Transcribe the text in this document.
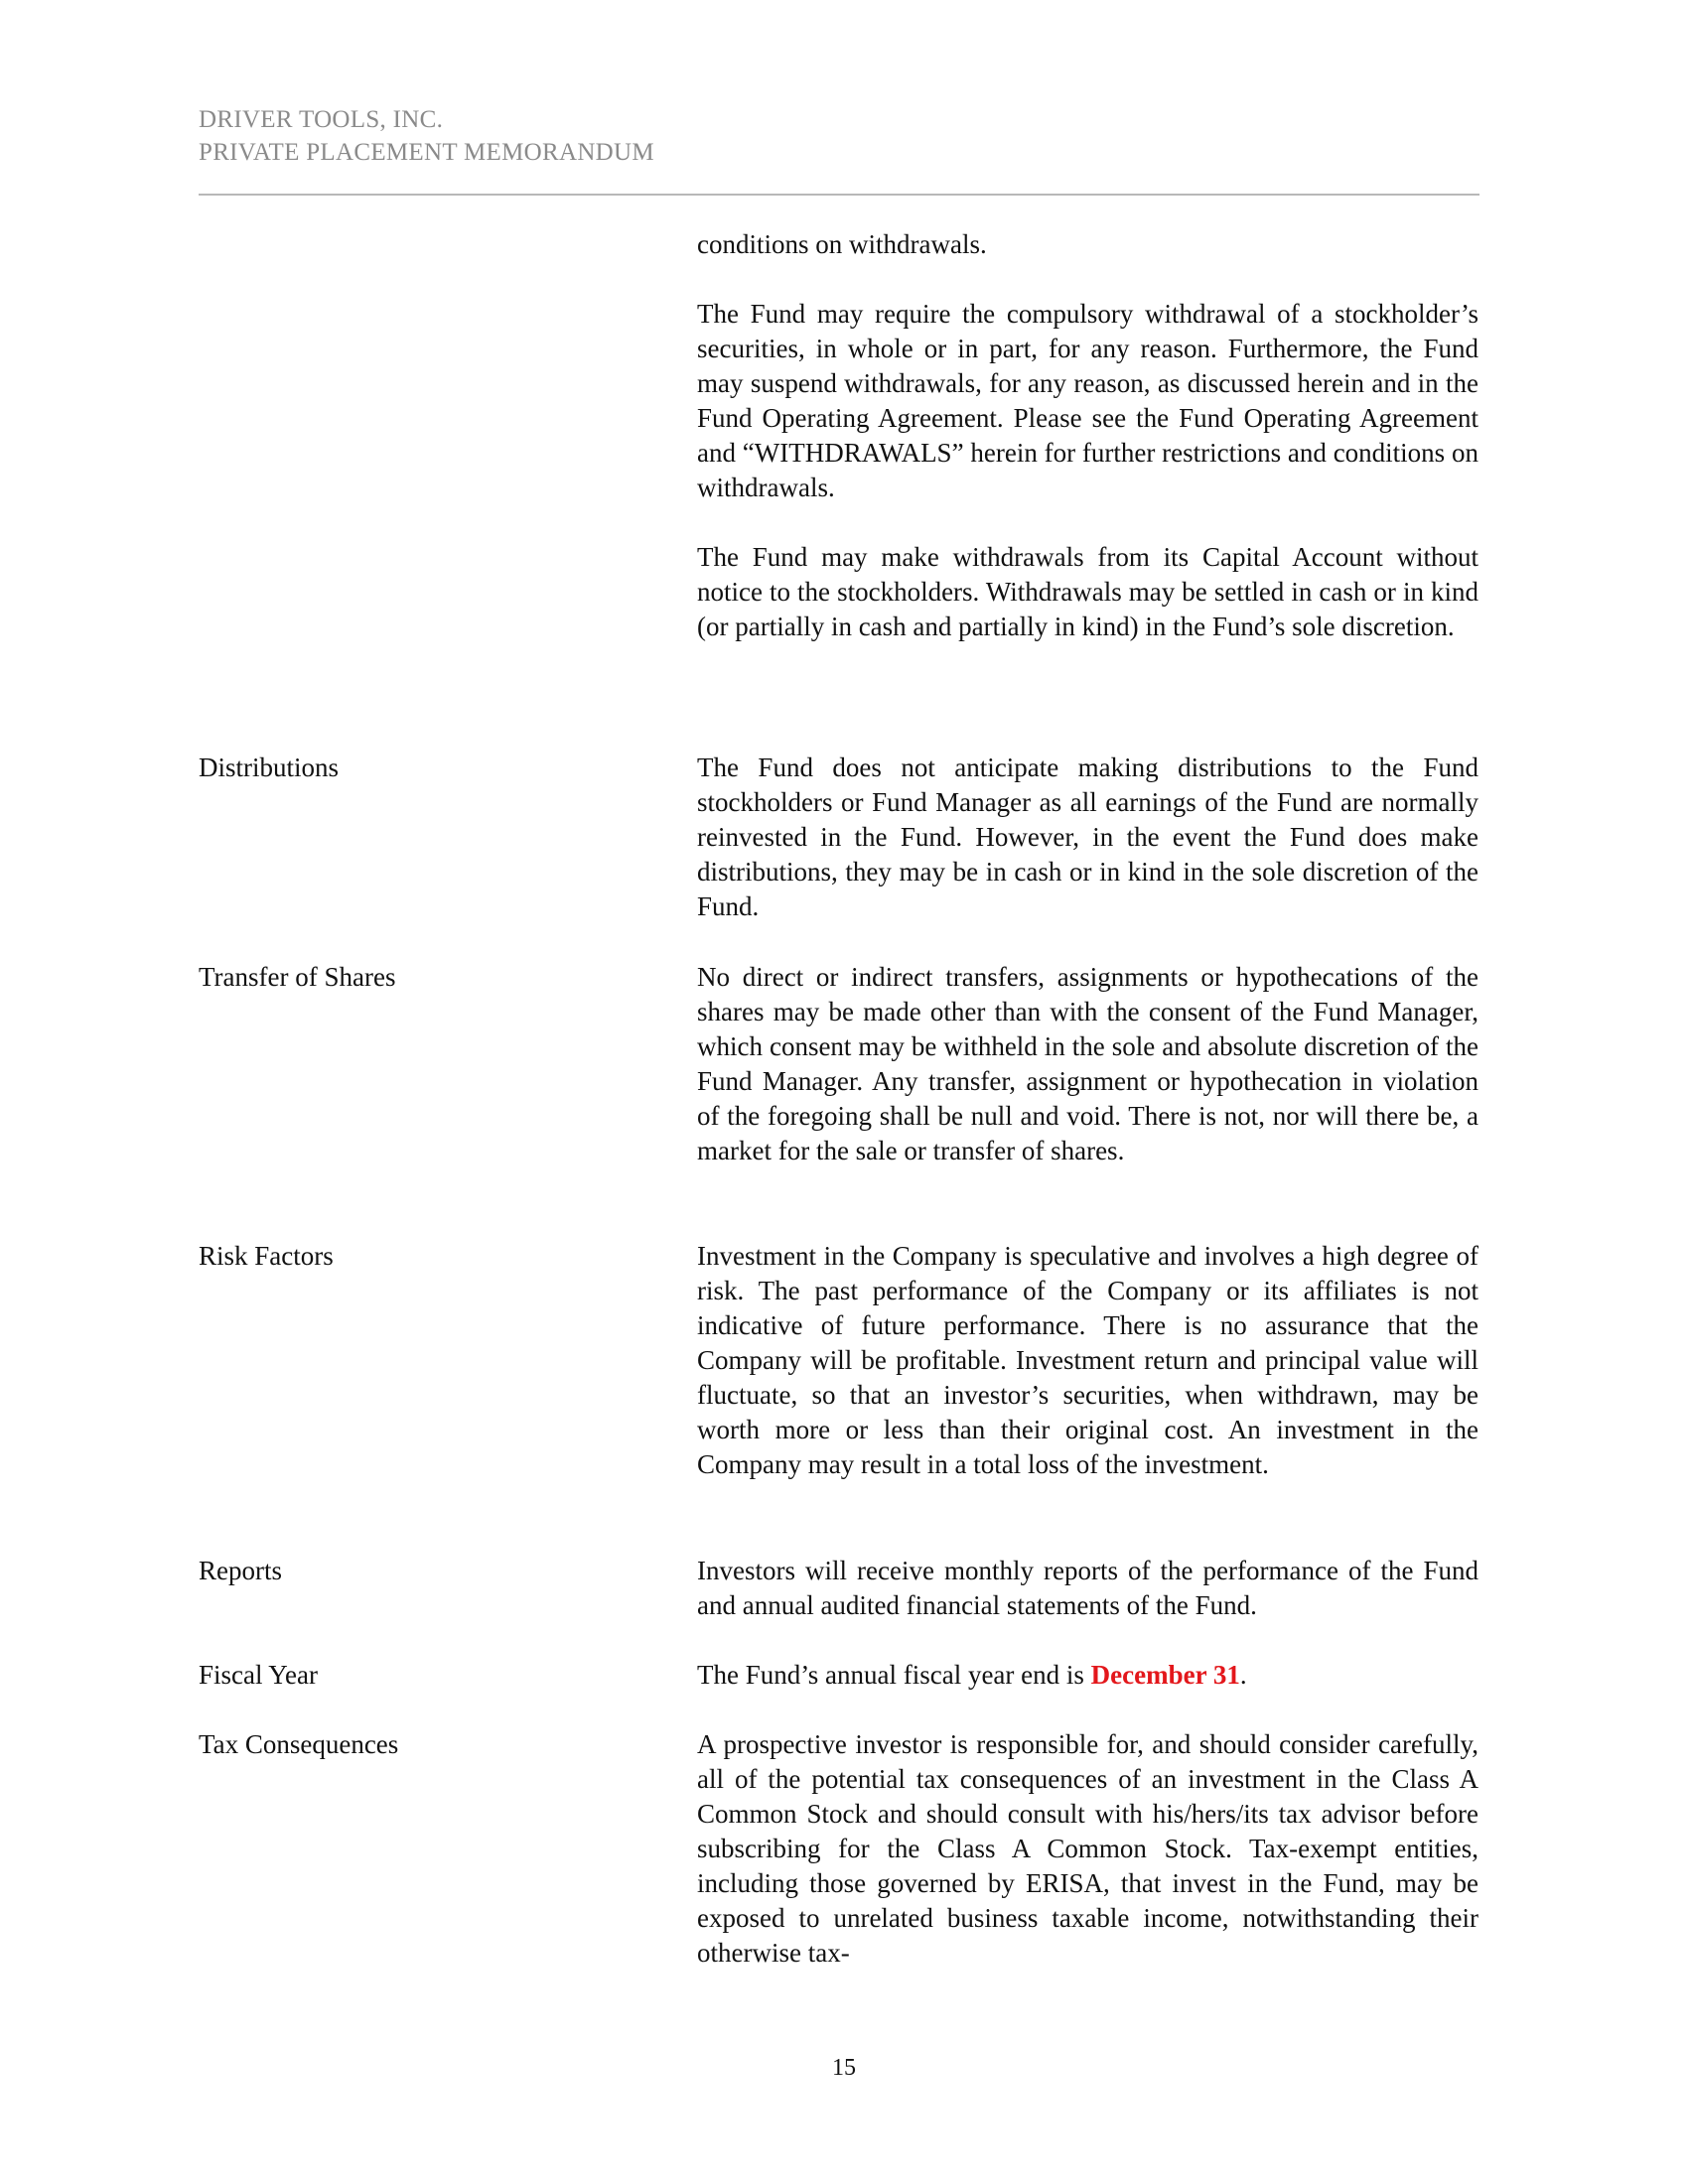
DRIVER TOOLS, INC.
PRIVATE PLACEMENT MEMORANDUM

conditions on withdrawals.

The Fund may require the compulsory withdrawal of a stockholder’s securities, in whole or in part, for any reason. Furthermore, the Fund may suspend withdrawals, for any reason, as discussed herein and in the Fund Operating Agreement. Please see the Fund Operating Agreement and “WITHDRAWALS” herein for further restrictions and conditions on withdrawals.

The Fund may make withdrawals from its Capital Account without notice to the stockholders. Withdrawals may be settled in cash or in kind (or partially in cash and partially in kind) in the Fund’s sole discretion.

Distributions	The Fund does not anticipate making distributions to the Fund stockholders or Fund Manager as all earnings of the Fund are normally reinvested in the Fund. However, in the event the Fund does make distributions, they may be in cash or in kind in the sole discretion of the Fund.
Transfer of Shares	No direct or indirect transfers, assignments or hypothecations of the shares may be made other than with the consent of the Fund Manager, which consent may be withheld in the sole and absolute discretion of the Fund Manager. Any transfer, assignment or hypothecation in violation of the foregoing shall be null and void. There is not, nor will there be, a market for the sale or transfer of shares.
Risk Factors	Investment in the Company is speculative and involves a high degree of risk. The past performance of the Company or its affiliates is not indicative of future performance. There is no assurance that the Company will be profitable. Investment return and principal value will fluctuate, so that an investor’s securities, when withdrawn, may be worth more or less than their original cost. An investment in the Company may result in a total loss of the investment.
Reports	Investors will receive monthly reports of the performance of the Fund and annual audited financial statements of the Fund.
Fiscal Year	The Fund’s annual fiscal year end is December 31.
Tax Consequences	A prospective investor is responsible for, and should consider carefully, all of the potential tax consequences of an investment in the Class A Common Stock and should consult with his/hers/its tax advisor before subscribing for the Class A Common Stock. Tax-exempt entities, including those governed by ERISA, that invest in the Fund, may be exposed to unrelated business taxable income, notwithstanding their otherwise tax-
15
